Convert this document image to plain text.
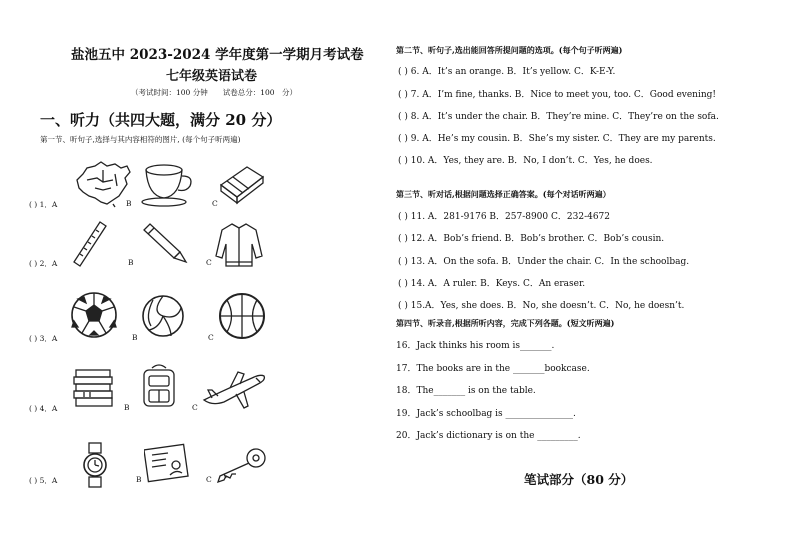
盐池五中 2023-2024 学年度第一学期月考试卷
七年级英语试卷
（考试时间：100 分钟　　试卷总分：100　分）
一、听力（共四大题，满分 20 分）
第一节、听句子,选择与其内容相符的图片, (每个句子听两遍)
( ) 1．A	B	C
( ) 2．A	B	C
( ) 3．A	B	C
( ) 4．A	B	C
( ) 5．A	B	C
第二节、听句子,选出能回答所提问题的选项。(每个句子听两遍)
( ) 6. A．It’s an orange. B．It’s yellow. C．K-E-Y.
( ) 7. A．I’m fine, thanks. B．Nice to meet you, too. C．Good evening!
( ) 8. A．It’s under the chair. B．They’re mine. C．They’re on the sofa.
( ) 9. A．He’s my cousin. B．She’s my sister. C．They are my parents.
( ) 10. A．Yes, they are. B．No, I don’t. C．Yes, he does.
第三节、听对话,根据问题选择正确答案。(每个对话听两遍）
( ) 11. A．281-9176 B．257-8900 C．232-4672
( ) 12. A．Bob’s friend. B．Bob’s brother. C．Bob’s cousin.
( ) 13. A．On the sofa. B．Under the chair. C．In the schoolbag.
( ) 14. A．A ruler. B．Keys. C．An eraser.
( ) 15.A．Yes, she does. B．No, she doesn’t. C．No, he doesn’t.
第四节、听录音,根据所听内容，完成下列各题。(短文听两遍)
16．Jack thinks his room is_______.
17．The books are in the _______bookcase.
18．The_______ is on the table.
19．Jack’s schoolbag is _______________.
20．Jack’s dictionary is on the _________.
笔试部分（80 分）
